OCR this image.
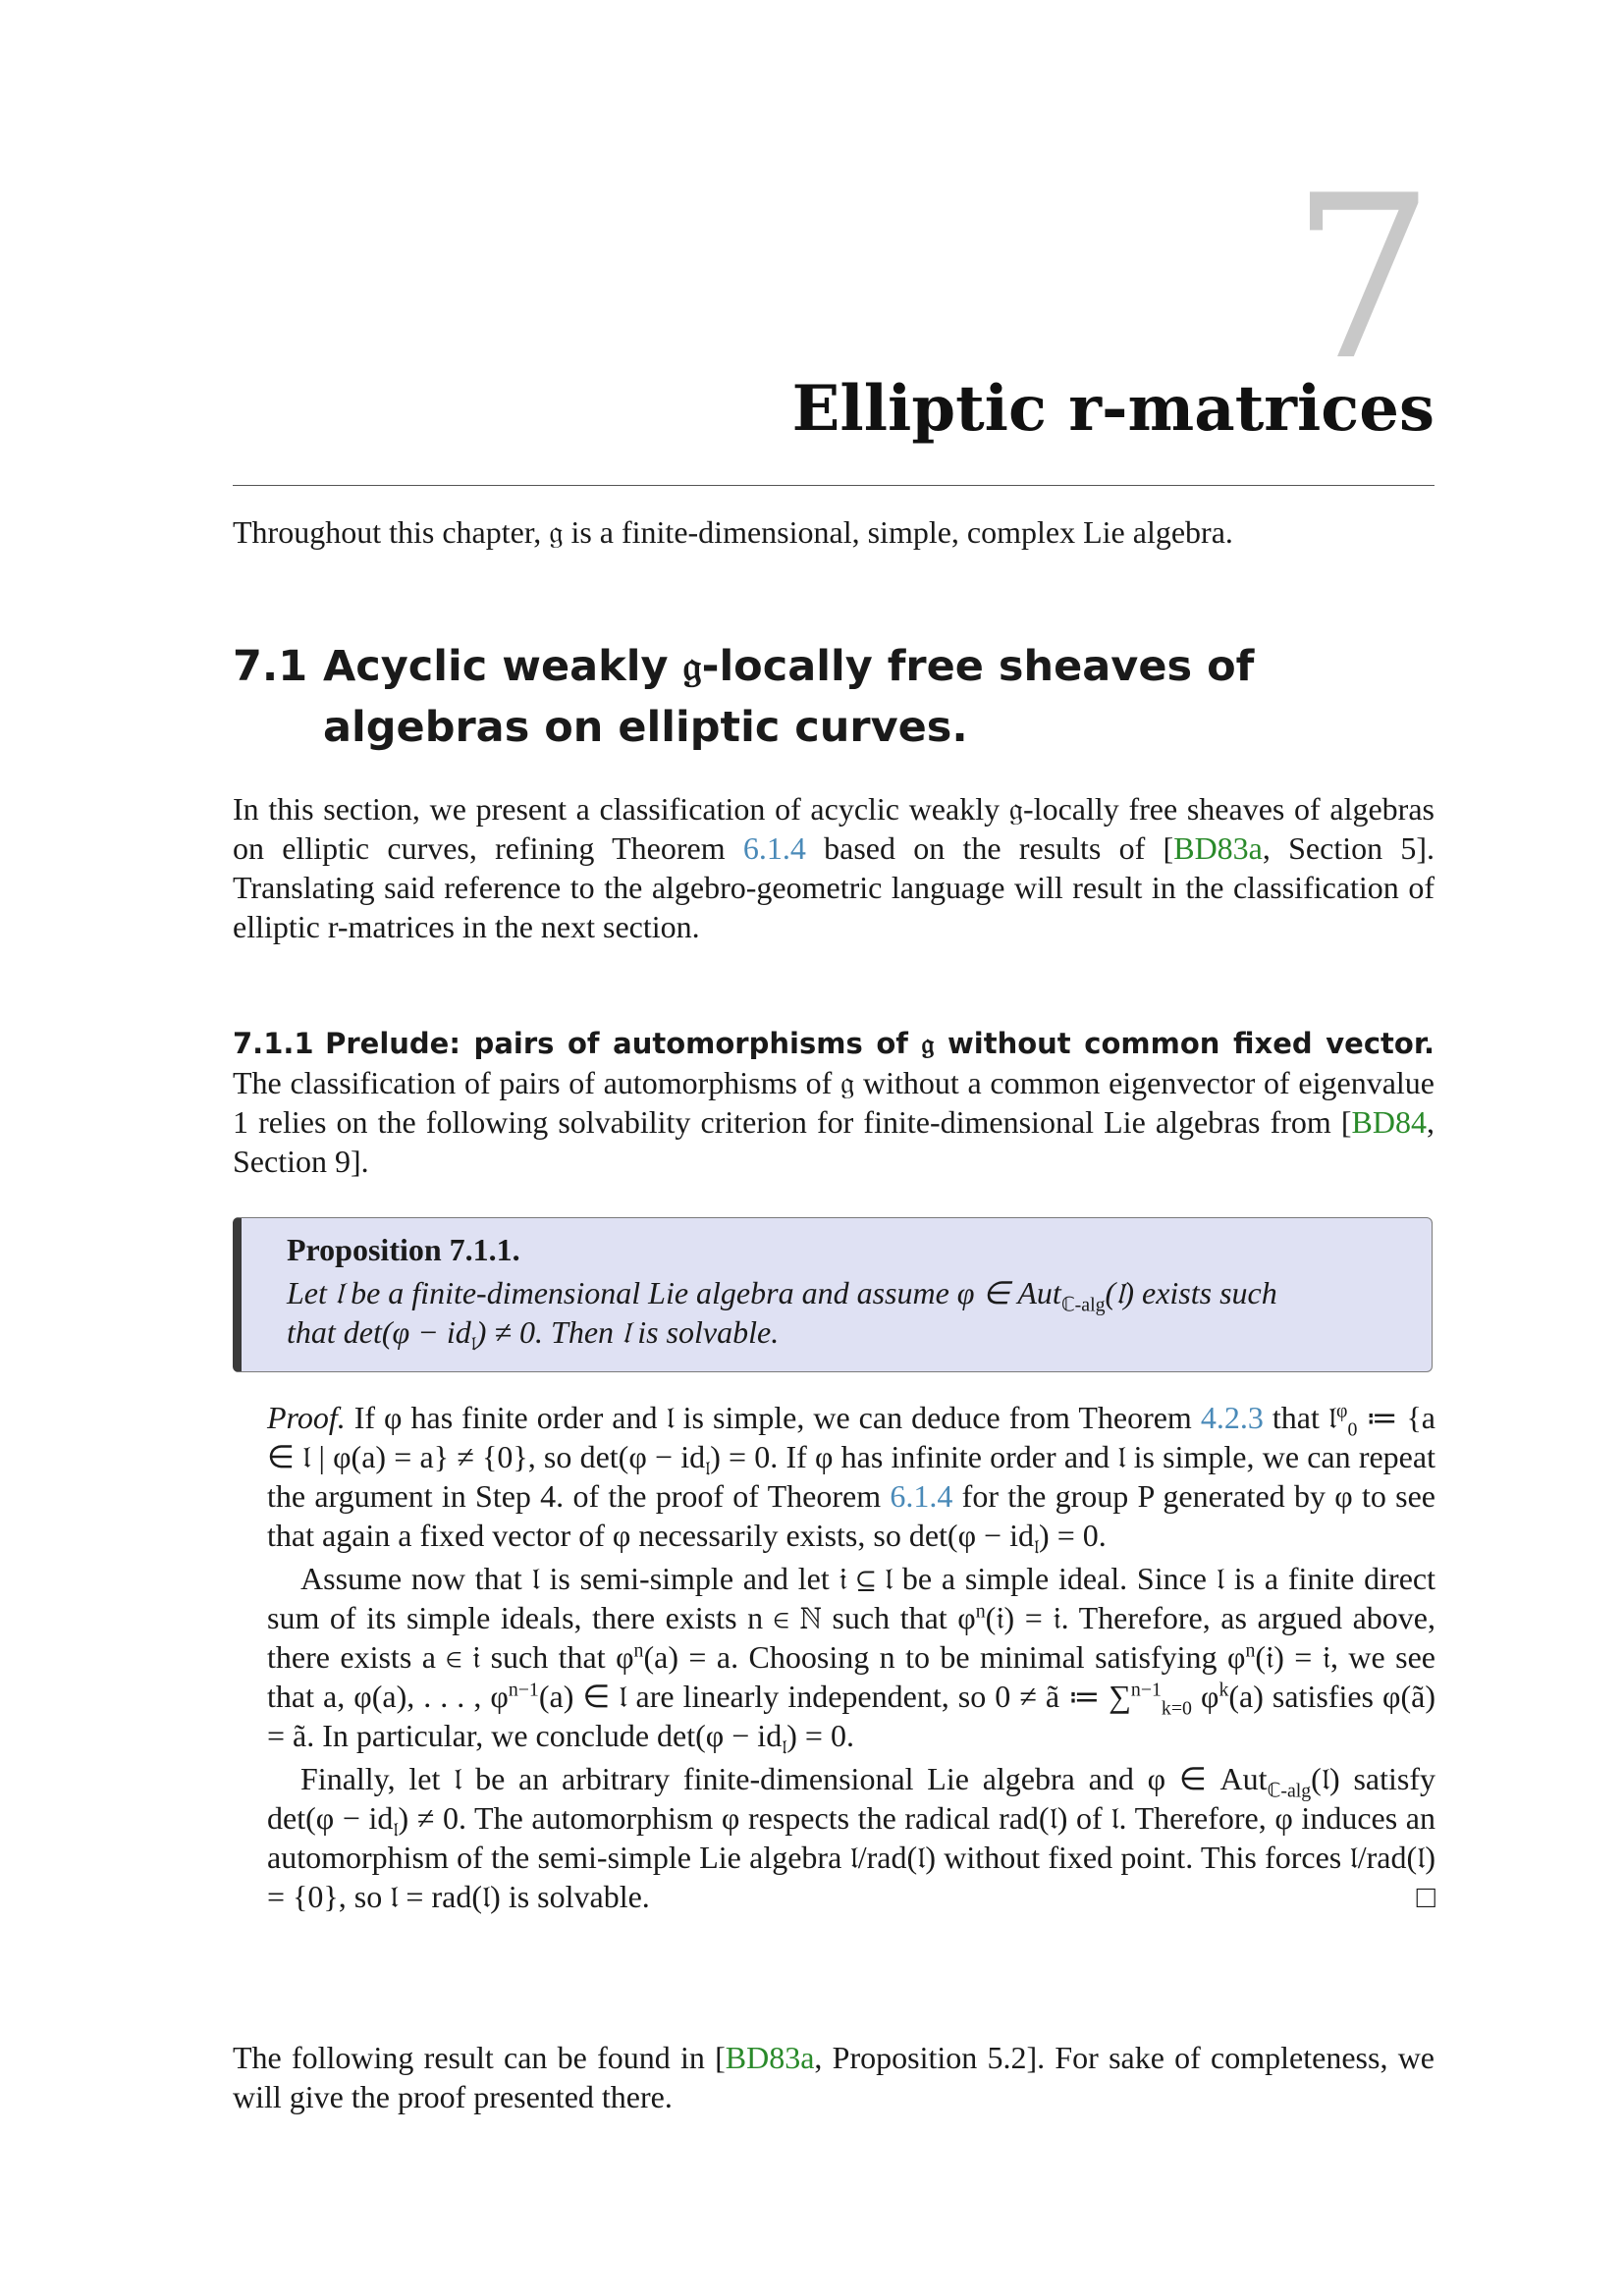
7
Elliptic r-matrices
Throughout this chapter, 𝔤 is a finite-dimensional, simple, complex Lie algebra.
7.1 Acyclic weakly 𝔤-locally free sheaves of algebras on elliptic curves.
In this section, we present a classification of acyclic weakly 𝔤-locally free sheaves of algebras on elliptic curves, refining Theorem 6.1.4 based on the results of [BD83a, Section 5]. Translating said reference to the algebro-geometric language will result in the classification of elliptic r-matrices in the next section.
7.1.1 Prelude: pairs of automorphisms of 𝔤 without common fixed vector. The classification of pairs of automorphisms of 𝔤 without a common eigenvector of eigenvalue 1 relies on the following solvability criterion for finite-dimensional Lie algebras from [BD84, Section 9].
Proposition 7.1.1.
Let 𝔩 be a finite-dimensional Lie algebra and assume φ ∈ Aut$_{ℂ-alg}$(𝔩) exists such
that $\det(\varphi - id_𝔩) \ne 0$. Then 𝔩 is solvable.

Proof. If φ has finite order and 𝔩 is simple, we can deduce from Theorem 4.2.3 that 𝔩$^\varphi_0$ ≔ {a ∈ 𝔩 | φ(a) = a} ≠ {0}, so $\det(\varphi - id_𝔩) = 0$. If φ has infinite order and 𝔩 is simple, we can repeat the argument in Step 4. of the proof of Theorem 6.1.4 for the group P generated by φ to see that again a fixed vector of φ necessarily exists, so $\det(\varphi - id_𝔩) = 0$.

Assume now that 𝔩 is semi-simple and let 𝔦 ⊆ 𝔩 be a simple ideal. Since 𝔩 is a finite direct sum of its simple ideals, there exists n ∈ ℕ such that $\varphi^n(𝔦)$ = 𝔦. Therefore, as argued above, there exists a ∈ 𝔦 such that $\varphi^n(a) = a$. Choosing n to be minimal satisfying $\varphi^n(𝔦)$ = 𝔦, we see that a, φ(a), . . . , $\varphi^{n-1}(a)$ ∈ 𝔩 are linearly independent, so 0 ≠ ã ≔ ∑$^{n-1}_{k=0}$ $\varphi^k(a)$ satisfies φ(ã) = ã. In particular, we conclude $\det(\varphi - id_𝔩) = 0$.

Finally, let 𝔩 be an arbitrary finite-dimensional Lie algebra and φ ∈ Aut$_{ℂ-alg}$(𝔩) satisfy $\det(\varphi - id_𝔩) \ne 0$. The automorphism φ respects the radical rad(𝔩) of 𝔩. Therefore, φ induces an automorphism of the semi-simple Lie algebra 𝔩/rad(𝔩) without fixed point. This forces 𝔩/rad(𝔩) = {0}, so 𝔩 = rad(𝔩) is solvable.	□

The following result can be found in [BD83a, Proposition 5.2]. For sake of completeness, we will give the proof presented there.
